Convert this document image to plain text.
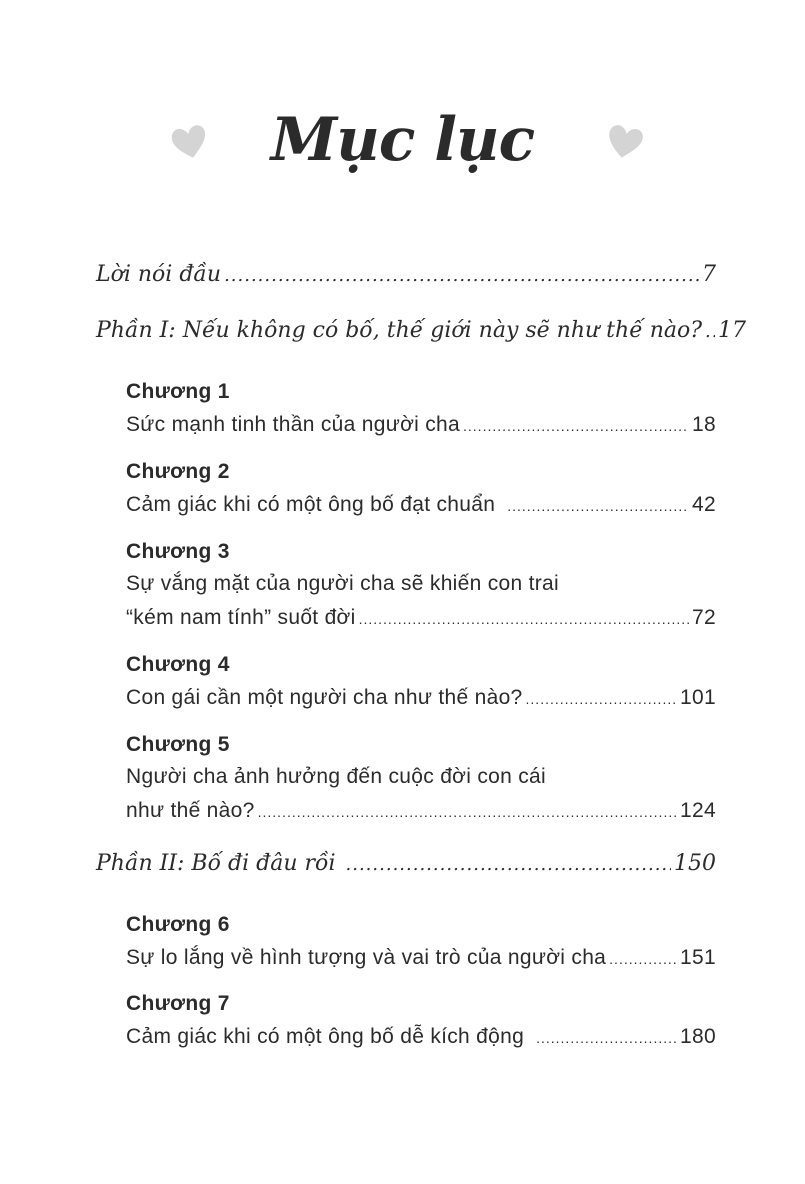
Mục lục
Lời nói đầu .....	7
Phần I: Nếu không có bố, thế giới này sẽ như thế nào? ..... 17
Chương 1
Sức mạnh tinh thần của người cha .....	18
Chương 2
Cảm giác khi có một ông bố đạt chuẩn .....	42
Chương 3
Sự vắng mặt của người cha sẽ khiến con trai
“kém nam tính” suốt đời .....	72
Chương 4
Con gái cần một người cha như thế nào? .....	101
Chương 5
Người cha ảnh hưởng đến cuộc đời con cái
như thế nào? .....	124
Phần II: Bố đi đâu rồi .....	150
Chương 6
Sự lo lắng về hình tượng và vai trò của người cha .....	151
Chương 7
Cảm giác khi có một ông bố dễ kích động .....	180
